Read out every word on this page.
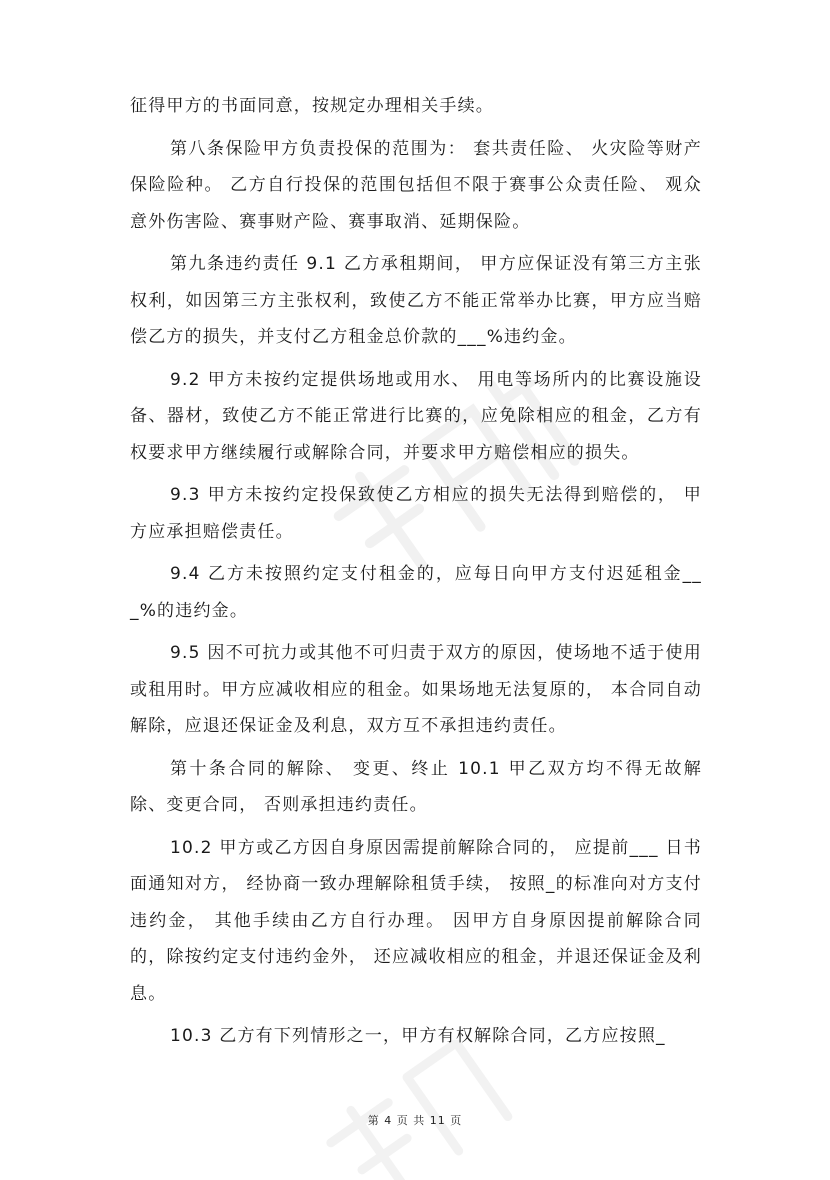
征得甲方的书面同意，按规定办理相关手续。

第八条保险甲方负责投保的范围为： 套共责任险、 火灾险等财产保险险种。 乙方自行投保的范围包括但不限于赛事公众责任险、 观众意外伤害险、赛事财产险、赛事取消、延期保险。

第九条违约责任 9.1 乙方承租期间， 甲方应保证没有第三方主张权利，如因第三方主张权利，致使乙方不能正常举办比赛，甲方应当赔偿乙方的损失，并支付乙方租金总价款的___%违约金。

9.2 甲方未按约定提供场地或用水、 用电等场所内的比赛设施设备、器材，致使乙方不能正常进行比赛的，应免除相应的租金，乙方有权要求甲方继续履行或解除合同，并要求甲方赔偿相应的损失。

9.3 甲方未按约定投保致使乙方相应的损失无法得到赔偿的， 甲方应承担赔偿责任。

9.4 乙方未按照约定支付租金的，应每日向甲方支付迟延租金___%的违约金。

9.5 因不可抗力或其他不可归责于双方的原因，使场地不适于使用或租用时。甲方应减收相应的租金。如果场地无法复原的， 本合同自动解除，应退还保证金及利息，双方互不承担违约责任。

第十条合同的解除、 变更、终止 10.1 甲乙双方均不得无故解除、变更合同， 否则承担违约责任。

10.2 甲方或乙方因自身原因需提前解除合同的， 应提前___ 日书面通知对方， 经协商一致办理解除租赁手续， 按照_的标准向对方支付违约金， 其他手续由乙方自行办理。 因甲方自身原因提前解除合同的，除按约定支付违约金外， 还应减收相应的租金，并退还保证金及利息。

10.3 乙方有下列情形之一，甲方有权解除合同，乙方应按照_

第 4 页 共 11 页
